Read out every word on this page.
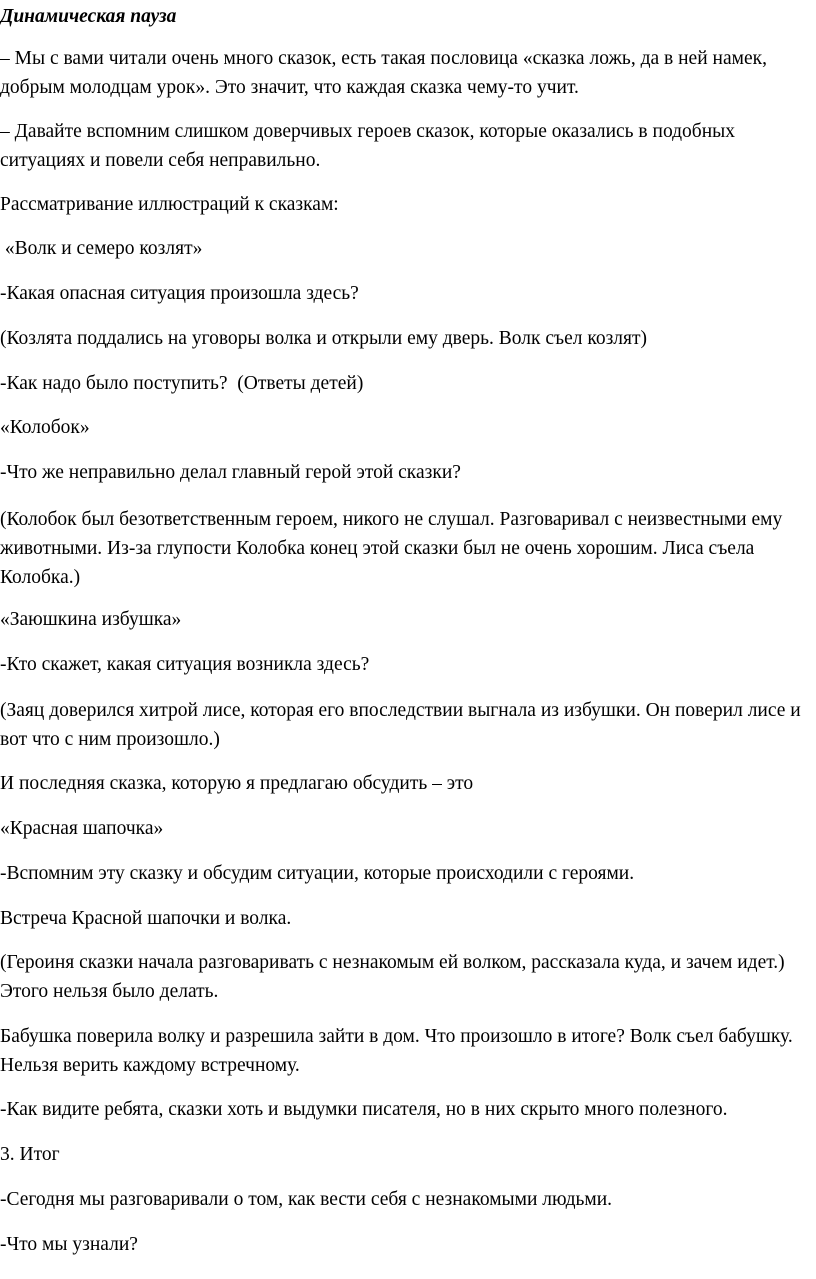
Динамическая пауза
– Мы с вами читали очень много сказок, есть такая пословица «сказка ложь, да в ней намек, добрым молодцам урок». Это значит, что каждая сказка чему-то учит.
– Давайте вспомним слишком доверчивых героев сказок, которые оказались в подобных ситуациях и повели себя неправильно.
Рассматривание иллюстраций к сказкам:
«Волк и семеро козлят»
-Какая опасная ситуация произошла здесь?
(Козлята поддались на уговоры волка и открыли ему дверь. Волк съел козлят)
-Как надо было поступить?  (Ответы детей)
«Колобок»
-Что же неправильно делал главный герой этой сказки?
(Колобок был безответственным героем, никого не слушал. Разговаривал с неизвестными ему животными. Из-за глупости Колобка конец этой сказки был не очень хорошим. Лиса съела Колобка.)
«Заюшкина избушка»
-Кто скажет, какая ситуация возникла здесь?
(Заяц доверился хитрой лисе, которая его впоследствии выгнала из избушки. Он поверил лисе и вот что с ним произошло.)
И последняя сказка, которую я предлагаю обсудить – это
«Красная шапочка»
-Вспомним эту сказку и обсудим ситуации, которые происходили с героями.
Встреча Красной шапочки и волка.
(Героиня сказки начала разговаривать с незнакомым ей волком, рассказала куда, и зачем идет.) Этого нельзя было делать.
Бабушка поверила волку и разрешила зайти в дом. Что произошло в итоге? Волк съел бабушку. Нельзя верить каждому встречному.
-Как видите ребята, сказки хоть и выдумки писателя, но в них скрыто много полезного.
3. Итог
-Сегодня мы разговаривали о том, как вести себя с незнакомыми людьми.
-Что мы узнали?
